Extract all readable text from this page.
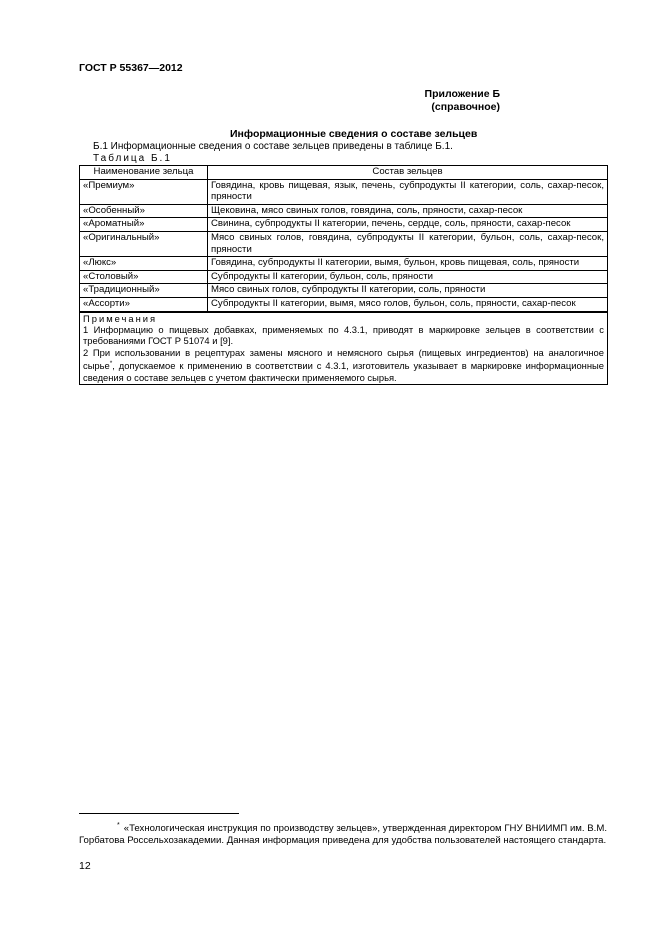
ГОСТ Р 55367—2012
Приложение Б
(справочное)
Информационные сведения о составе зельцев
Б.1 Информационные сведения о составе зельцев приведены в таблице Б.1.
Таблица Б.1
Наименование зельца	Состав зельцев
«Премиум»	Говядина, кровь пищевая, язык, печень, субпродукты II категории, соль, сахар-песок, пряности
«Особенный»	Щековина, мясо свиных голов, говядина, соль, пряности, сахар-песок
«Ароматный»	Свинина, субпродукты II категории, печень, сердце, соль, пряности, сахар-песок
«Оригинальный»	Мясо свиных голов, говядина, субпродукты II категории, бульон, соль, сахар-песок, пряности
«Люкс»	Говядина, субпродукты II категории, вымя, бульон, кровь пищевая, соль, пряности
«Столовый»	Субпродукты II категории, бульон, соль, пряности
«Традиционный»	Мясо свиных голов, субпродукты II категории, соль, пряности
«Ассорти»	Субпродукты II категории, вымя, мясо голов, бульон, соль, пряности, сахар-песок

Примечания
1 Информацию о пищевых добавках, применяемых по 4.3.1, приводят в маркировке зельцев в соответствии с требованиями ГОСТ Р 51074 и [9].
2 При использовании в рецептурах замены мясного и немясного сырья (пищевых ингредиентов) на аналогичное сырье*, допускаемое к применению в соответствии с 4.3.1, изготовитель указывает в маркировке информационные сведения о составе зельцев с учетом фактически применяемого сырья.	
* «Технологическая инструкция по производству зельцев», утвержденная директором ГНУ ВНИИМП им. В.М. Горбатова Россельхозакадемии. Данная информация приведена для удобства пользователей настоящего стандарта.
12
